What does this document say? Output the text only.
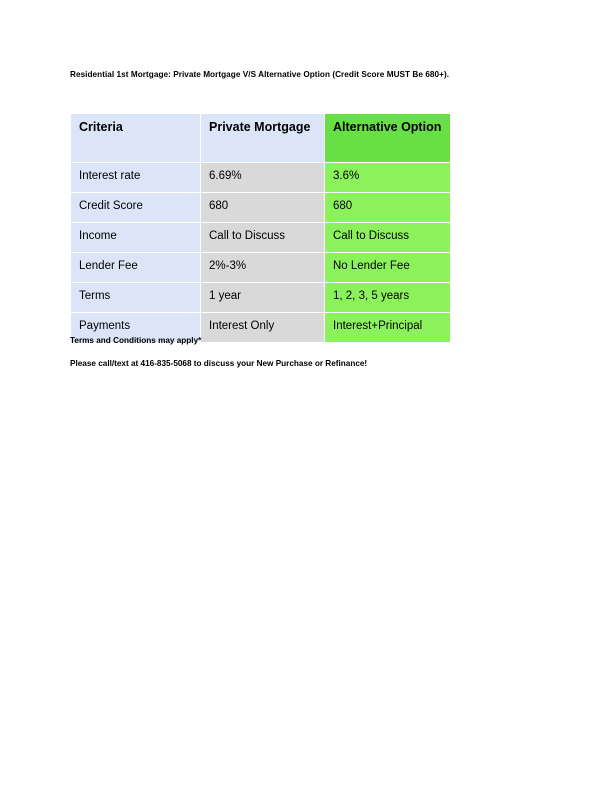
Residential 1st Mortgage: Private Mortgage V/S Alternative Option (Credit Score MUST Be 680+).
Criteria	Private Mortgage	Alternative Option
Interest rate	6.69%	3.6%
Credit Score	680	680
Income	Call to Discuss	Call to Discuss
Lender Fee	2%-3%	No Lender Fee
Terms	1 year	1, 2, 3, 5 years
Payments	Interest Only	Interest+Principal
Terms and Conditions may apply*
Please call/text at 416-835-5068 to discuss your New Purchase or Refinance!
